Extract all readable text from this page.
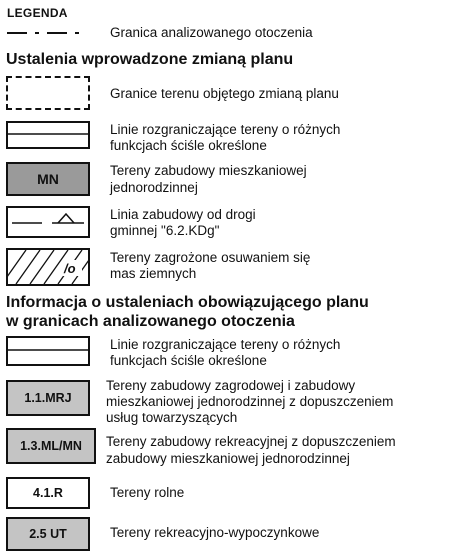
LEGENDA
Granica analizowanego otoczenia
Ustalenia wprowadzone zmianą planu
Granice terenu objętego zmianą planu
Linie rozgraniczające tereny o różnych
funkcjach ściśle określone
MN
Tereny zabudowy mieszkaniowej
jednorodzinnej
Linia zabudowy od drogi
gminnej "6.2.KDg"
/o
Tereny zagrożone osuwaniem się
mas ziemnych
Informacja o ustaleniach obowiązującego planu
w granicach analizowanego otoczenia
Linie rozgraniczające tereny o różnych
funkcjach ściśle określone
1.1.MRJ
Tereny zabudowy zagrodowej i zabudowy
mieszkaniowej jednorodzinnej z dopuszczeniem
usług towarzyszących
1.3.ML/MN Tereny zabudowy rekreacyjnej z dopuszczeniem
zabudowy mieszkaniowej jednorodzinnej
4.1.R	Tereny rolne
2.5 UT	Tereny rekreacyjno-wypoczynkowe
